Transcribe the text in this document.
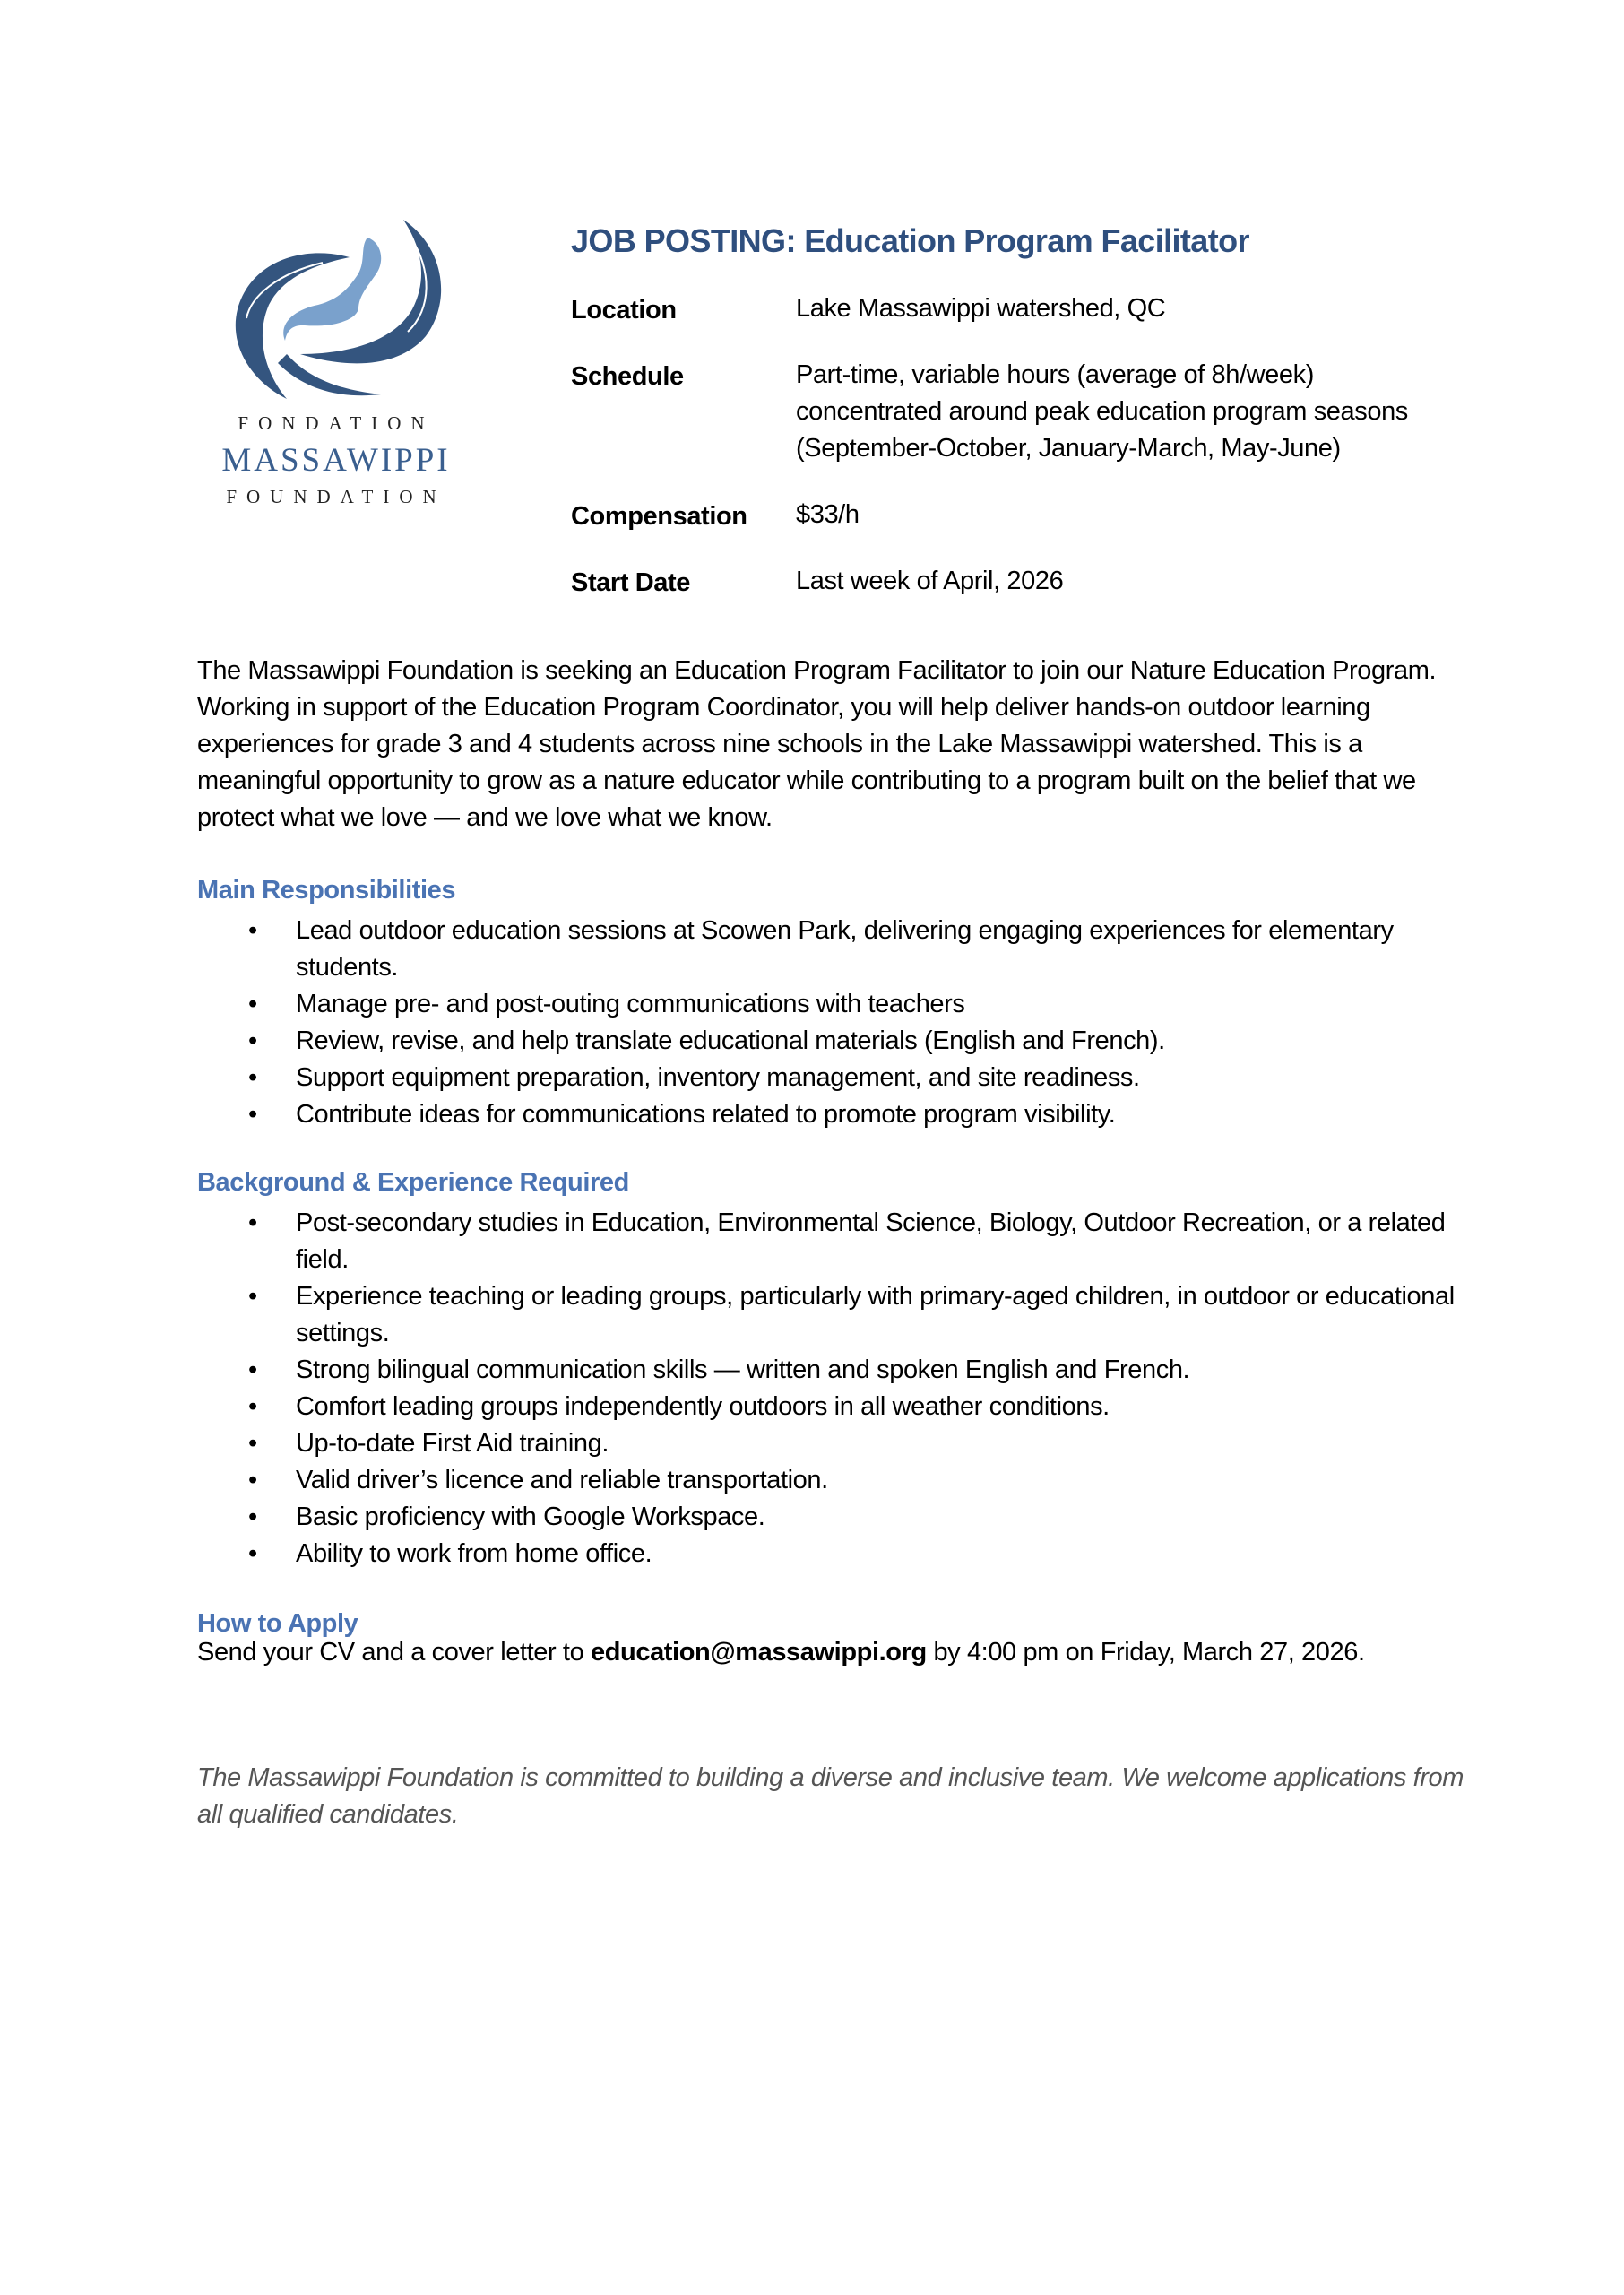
FONDATION
MASSAWIPPI
FOUNDATION
JOB POSTING: Education Program Facilitator
Location	Lake Massawippi watershed, QC
Schedule	Part-time, variable hours (average of 8h/week)
concentrated around peak education program seasons
(September-October, January-March, May-June)
Compensation $33/h
Start Date	Last week of April, 2026

The Massawippi Foundation is seeking an Education Program Facilitator to join our Nature Education Program. Working in support of the Education Program Coordinator, you will help deliver hands-on outdoor learning experiences for grade 3 and 4 students across nine schools in the Lake Massawippi watershed. This is a meaningful opportunity to grow as a nature educator while contributing to a program built on the belief that we protect what we love — and we love what we know.

Main Responsibilities
• Lead outdoor education sessions at Scowen Park, delivering engaging experiences for elementary students.
• Manage pre- and post-outing communications with teachers
• Review, revise, and help translate educational materials (English and French).
• Support equipment preparation, inventory management, and site readiness.
• Contribute ideas for communications related to promote program visibility.
Background & Experience Required
• Post-secondary studies in Education, Environmental Science, Biology, Outdoor Recreation, or a related field.
• Experience teaching or leading groups, particularly with primary-aged children, in outdoor or educational settings.
• Strong bilingual communication skills — written and spoken English and French.
• Comfort leading groups independently outdoors in all weather conditions.
• Up-to-date First Aid training.
• Valid driver’s licence and reliable transportation.
• Basic proficiency with Google Workspace.
• Ability to work from home office.
How to Apply

Send your CV and a cover letter to education@massawippi.org by 4:00 pm on Friday, March 27, 2026.

The Massawippi Foundation is committed to building a diverse and inclusive team. We welcome applications from all qualified candidates.
